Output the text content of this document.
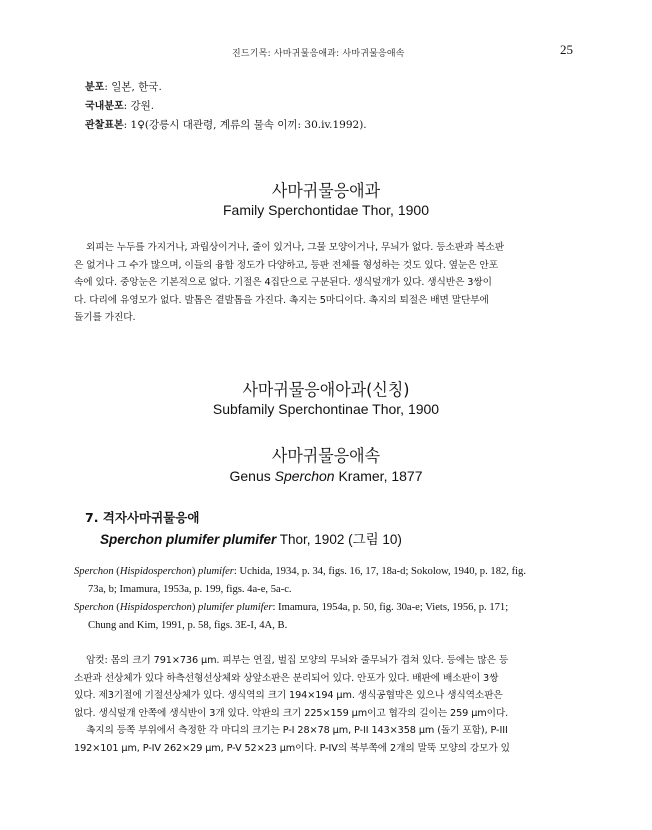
진드기목: 사마귀물응애과: 사마귀물응애속	25
분포: 일본, 한국.
국내분포: 강원.
관찰표본: 1♀(강릉시 대관령, 계류의 물속 이끼: 30.iv.1992).
사마귀물응애과
Family Sperchontidae Thor, 1900
외피는 누두를 가지거나, 과립상이거나, 줄이 있거나, 그물 모양이거나, 무늬가 없다. 등소판과 복소판
은 없거나 그 수가 많으며, 이들의 융합 정도가 다양하고, 등판 전체를 형성하는 것도 있다. 옆눈은 안포
속에 있다. 중앙눈은 기본적으로 없다. 기절은 4집단으로 구분된다. 생식덮개가 있다. 생식반은 3쌍이
다. 다리에 유영모가 없다. 발톱은 곁발톱을 가진다. 촉지는 5마디이다. 촉지의 퇴절은 배면 말단부에
돌기를 가진다.
사마귀물응애아과(신칭)
Subfamily Sperchontinae Thor, 1900
사마귀물응애속
Genus Sperchon Kramer, 1877
7. 격자사마귀물응애
Sperchon plumifer plumifer Thor, 1902 (그림 10)
Sperchon (Hispidosperchon) plumifer: Uchida, 1934, p. 34, figs. 16, 17, 18a-d; Sokolow, 1940, p. 182, fig.
73a, b; Imamura, 1953a, p. 199, figs. 4a-e, 5a-c.
Sperchon (Hispidosperchon) plumifer plumifer: Imamura, 1954a, p. 50, fig. 30a-e; Viets, 1956, p. 171;
Chung and Kim, 1991, p. 58, figs. 3E-I, 4A, B.
암컷: 몸의 크기 791×736 μm. 피부는 연질, 벌집 모양의 무늬와 줄무늬가 겹쳐 있다. 등에는 많은 등
소판과 선상체가 있다 하측선형선상체와 상앞소판은 분리되어 있다. 안포가 있다. 배판에 배소판이 3쌍
있다. 제3기절에 기절선상체가 있다. 생식역의 크기 194×194 μm. 생식공협막은 있으나 생식역소판은
없다. 생식덮개 안쪽에 생식반이 3개 있다. 악판의 크기 225×159 μm이고 협각의 길이는 259 μm이다.
촉지의 등쪽 부위에서 측정한 각 마디의 크기는 P-I 28×78 μm, P-II 143×358 μm (돌기 포함), P-III
192×101 μm, P-IV 262×29 μm, P-V 52×23 μm이다. P-IV의 복부쪽에 2개의 말뚝 모양의 강모가 있
